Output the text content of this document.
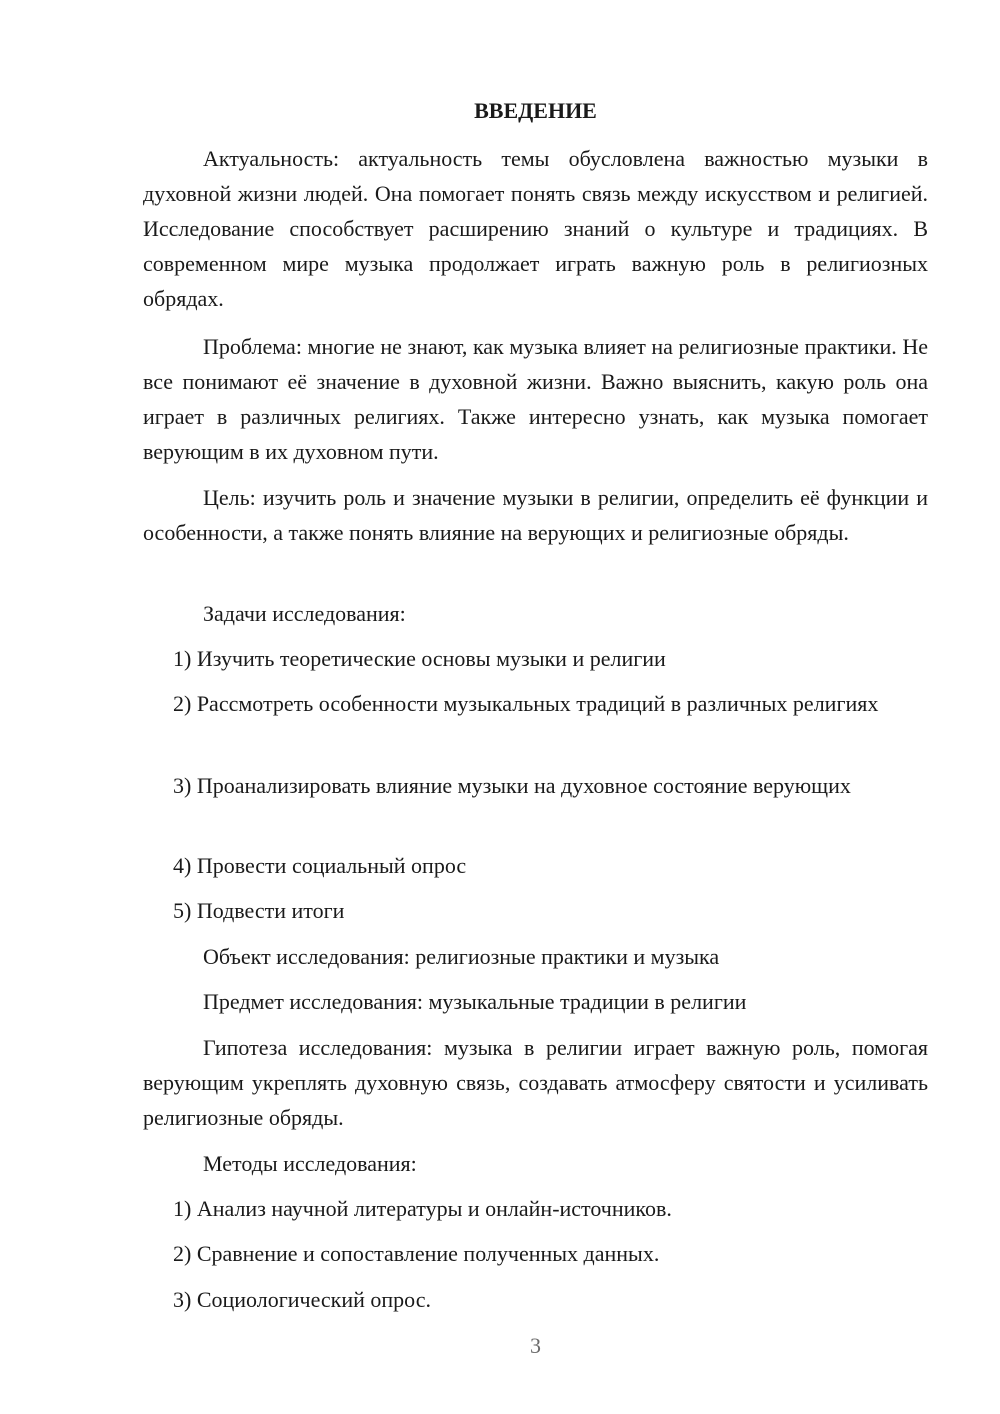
ВВЕДЕНИЕ

Актуальность: актуальность темы обусловлена важностью музыки в духовной жизни людей. Она помогает понять связь между искусством и религией. Исследование способствует расширению знаний о культуре и традициях. В современном мире музыка продолжает играть важную роль в религиозных обрядах.

Проблема: многие не знают, как музыка влияет на религиозные практики. Не все понимают её значение в духовной жизни. Важно выяснить, какую роль она играет в различных религиях. Также интересно узнать, как музыка помогает верующим в их духовном пути.

Цель: изучить роль и значение музыки в религии, определить её функции и особенности, а также понять влияние на верующих и религиозные обряды.

Задачи исследования:

1) Изучить теоретические основы музыки и религии

2) Рассмотреть особенности музыкальных традиций в различных религиях

3) Проанализировать влияние музыки на духовное состояние верующих

4) Провести социальный опрос

5) Подвести итоги

Объект исследования: религиозные практики и музыка

Предмет исследования: музыкальные традиции в религии

Гипотеза исследования: музыка в религии играет важную роль, помогая верующим укреплять духовную связь, создавать атмосферу святости и усиливать религиозные обряды.

Методы исследования:

1) Анализ научной литературы и онлайн-источников.

2) Сравнение и сопоставление полученных данных.

3) Социологический опрос.

3
